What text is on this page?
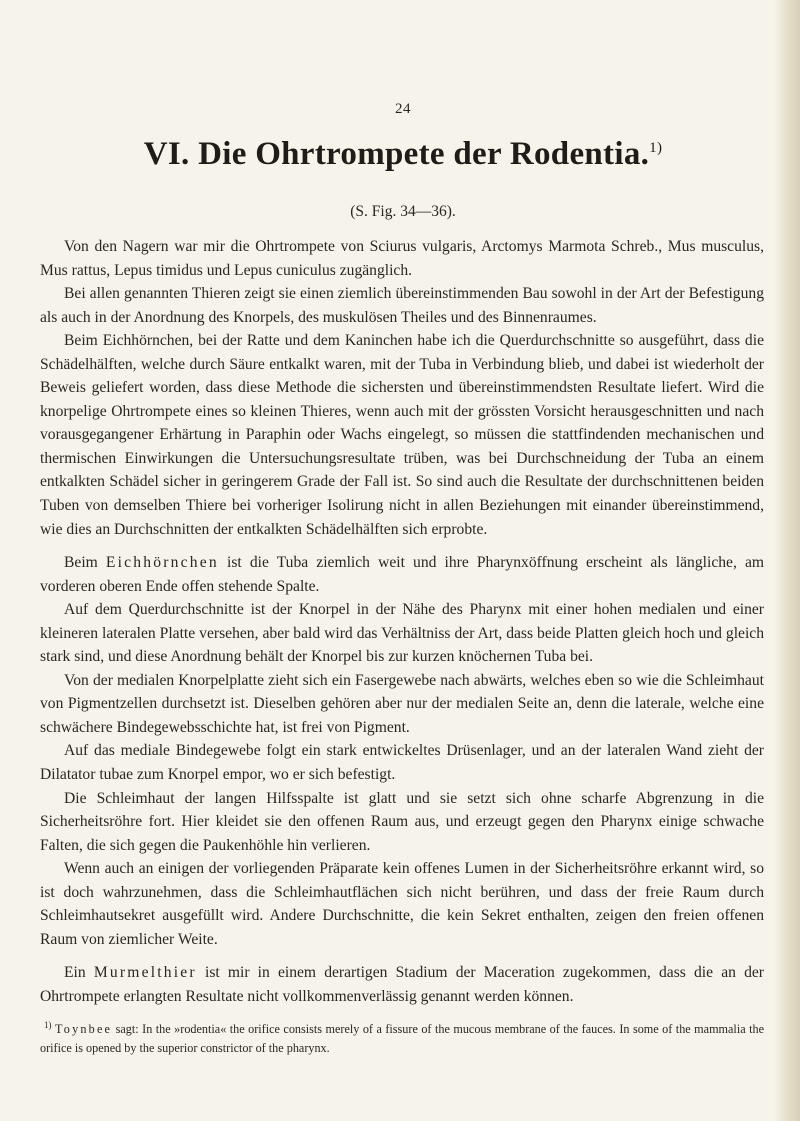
24
VI. Die Ohrtrompete der Rodentia.$^{1)}$
(S. Fig. 34—36).

Von den Nagern war mir die Ohrtrompete von Sciurus vulgaris, Arctomys Marmota Schreb., Mus musculus, Mus rattus, Lepus timidus und Lepus cuniculus zugänglich.

Bei allen genannten Thieren zeigt sie einen ziemlich übereinstimmenden Bau sowohl in der Art der Befestigung als auch in der Anordnung des Knorpels, des muskulösen Theiles und des Binnenraumes.

Beim Eichhörnchen, bei der Ratte und dem Kaninchen habe ich die Querdurchschnitte so ausgeführt, dass die Schädelhälften, welche durch Säure entkalkt waren, mit der Tuba in Verbindung blieb, und dabei ist wiederholt der Beweis geliefert worden, dass diese Methode die sichersten und übereinstimmendsten Resultate liefert. Wird die knorpelige Ohrtrompete eines so kleinen Thieres, wenn auch mit der grössten Vorsicht herausgeschnitten und nach vorausgegangener Erhärtung in Paraphin oder Wachs eingelegt, so müssen die stattfindenden mechanischen und thermischen Einwirkungen die Untersuchungsresultate trüben, was bei Durchschneidung der Tuba an einem entkalkten Schädel sicher in geringerem Grade der Fall ist. So sind auch die Resultate der durchschnittenen beiden Tuben von demselben Thiere bei vorheriger Isolirung nicht in allen Beziehungen mit einander übereinstimmend, wie dies an Durchschnitten der entkalkten Schädelhälften sich erprobte.

Beim Eichhörnchen ist die Tuba ziemlich weit und ihre Pharynxöffnung erscheint als längliche, am vorderen oberen Ende offen stehende Spalte.

Auf dem Querdurchschnitte ist der Knorpel in der Nähe des Pharynx mit einer hohen medialen und einer kleineren lateralen Platte versehen, aber bald wird das Verhältniss der Art, dass beide Platten gleich hoch und gleich stark sind, und diese Anordnung behält der Knorpel bis zur kurzen knöchernen Tuba bei.

Von der medialen Knorpelplatte zieht sich ein Fasergewebe nach abwärts, welches eben so wie die Schleimhaut von Pigmentzellen durchsetzt ist. Dieselben gehören aber nur der medialen Seite an, denn die laterale, welche eine schwächere Bindegewebsschichte hat, ist frei von Pigment.

Auf das mediale Bindegewebe folgt ein stark entwickeltes Drüsenlager, und an der lateralen Wand zieht der Dilatator tubae zum Knorpel empor, wo er sich befestigt.

Die Schleimhaut der langen Hilfsspalte ist glatt und sie setzt sich ohne scharfe Abgrenzung in die Sicherheitsröhre fort. Hier kleidet sie den offenen Raum aus, und erzeugt gegen den Pharynx einige schwache Falten, die sich gegen die Paukenhöhle hin verlieren.

Wenn auch an einigen der vorliegenden Präparate kein offenes Lumen in der Sicherheitsröhre erkannt wird, so ist doch wahrzunehmen, dass die Schleimhautflächen sich nicht berühren, und dass der freie Raum durch Schleimhautsekret ausgefüllt wird. Andere Durchschnitte, die kein Sekret enthalten, zeigen den freien offenen Raum von ziemlicher Weite.

Ein Murmelthier ist mir in einem derartigen Stadium der Maceration zugekommen, dass die an der Ohrtrompete erlangten Resultate nicht vollkommenverlässig genannt werden können.

$^{1)}$ Toynbee sagt: In the »rodentia« the orifice consists merely of a fissure of the mucous membrane of the fauces. In some of the mammalia the orifice is opened by the superior constrictor of the pharynx.
